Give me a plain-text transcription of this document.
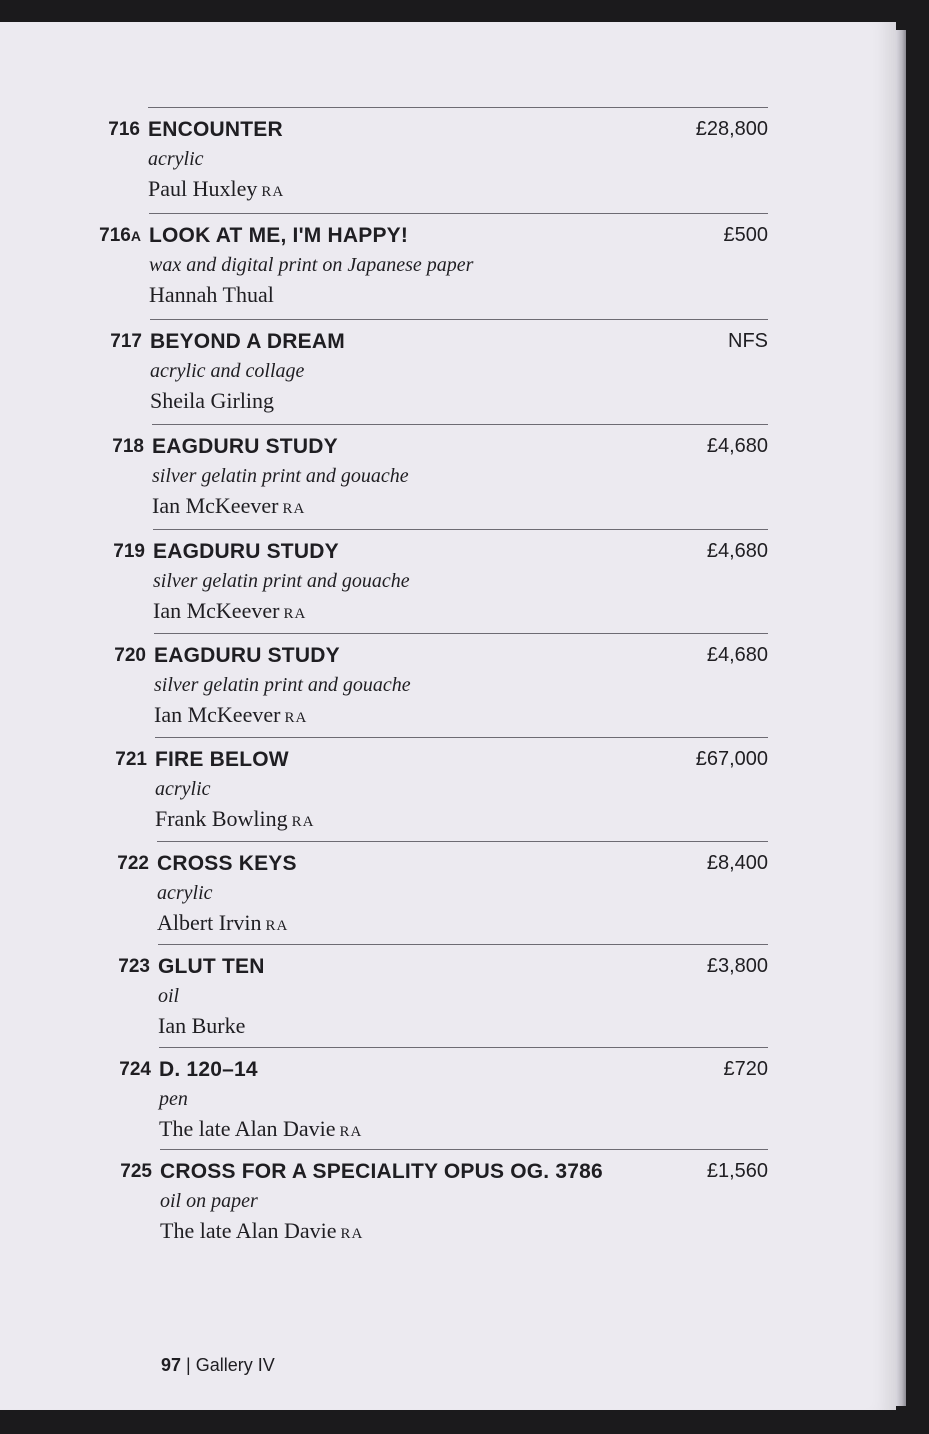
716 ENCOUNTER
acrylic
Paul Huxley RA
£28,800
716A LOOK AT ME, I'M HAPPY!
wax and digital print on Japanese paper
Hannah Thual
£500
717 BEYOND A DREAM
acrylic and collage
Sheila Girling
NFS
718 EAGDURU STUDY
silver gelatin print and gouache
Ian McKeever RA
£4,680
719 EAGDURU STUDY
silver gelatin print and gouache
Ian McKeever RA
£4,680
720 EAGDURU STUDY
silver gelatin print and gouache
Ian McKeever RA
£4,680
721 FIRE BELOW
acrylic
Frank Bowling RA
£67,000
722 CROSS KEYS
acrylic
Albert Irvin RA
£8,400
723 GLUT TEN
oil
Ian Burke
£3,800
724 D. 120–14
pen
The late Alan Davie RA
£720
725 CROSS FOR A SPECIALITY OPUS OG. 3786
oil on paper
The late Alan Davie RA
£1,560
97 | Gallery IV
